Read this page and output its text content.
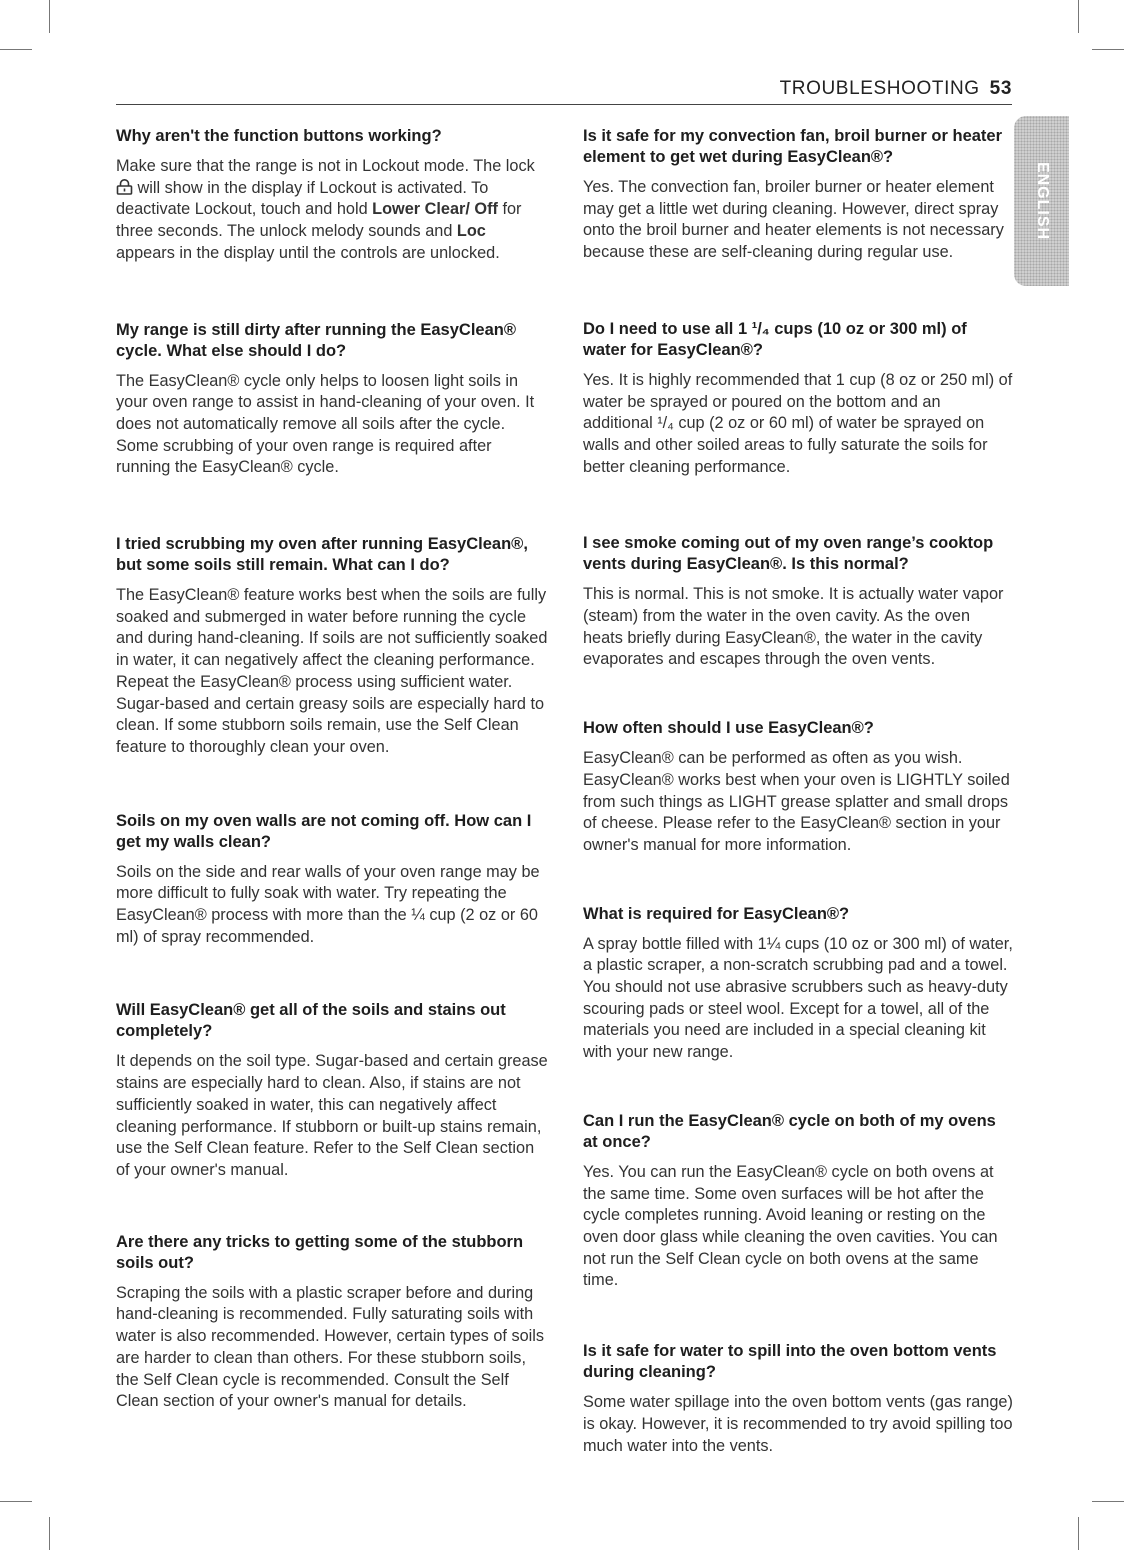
TROUBLESHOOTING 53
ENGLISH
Why aren't the function buttons working?

Make sure that the range is not in Lockout mode. The lock  will show in the display if Lockout is activated. To deactivate Lockout, touch and hold Lower Clear/ Off for three seconds. The unlock melody sounds and Loc appears in the display until the controls are unlocked.

My range is still dirty after running the EasyClean® cycle. What else should I do?

The EasyClean® cycle only helps to loosen light soils in your oven range to assist in hand-cleaning of your oven. It does not automatically remove all soils after the cycle. Some scrubbing of your oven range is required after running the EasyClean® cycle.

I tried scrubbing my oven after running EasyClean®, but some soils still remain. What can I do?

The EasyClean® feature works best when the soils are fully soaked and submerged in water before running the cycle and during hand-cleaning. If soils are not sufficiently soaked in water, it can negatively affect the cleaning performance. Repeat the EasyClean® process using sufficient water. Sugar-based and certain greasy soils are especially hard to clean. If some stubborn soils remain, use the Self Clean feature to thoroughly clean your oven.

Soils on my oven walls are not coming off. How can I get my walls clean?

Soils on the side and rear walls of your oven range may be more difficult to fully soak with water. Try repeating the EasyClean® process with more than the ¼ cup (2 oz or 60 ml) of spray recommended.

Will EasyClean® get all of the soils and stains out completely?

It depends on the soil type. Sugar-based and certain grease stains are especially hard to clean. Also, if stains are not sufficiently soaked in water, this can negatively affect cleaning performance. If stubborn or built-up stains remain, use the Self Clean feature. Refer to the Self Clean section of your owner's manual.

Are there any tricks to getting some of the stubborn soils out?

Scraping the soils with a plastic scraper before and during hand-cleaning is recommended. Fully saturating soils with water is also recommended. However, certain types of soils are harder to clean than others. For these stubborn soils, the Self Clean cycle is recommended. Consult the Self Clean section of your owner's manual for details.

Is it safe for my convection fan, broil burner or heater element to get wet during EasyClean®?

Yes. The convection fan, broiler burner or heater element may get a little wet during cleaning. However, direct spray onto the broil burner and heater elements is not necessary because these are self-cleaning during regular use.

Do I need to use all 1 ¹/₄ cups (10 oz or 300 ml) of water for EasyClean®?

Yes. It is highly recommended that 1 cup (8 oz or 250 ml) of water be sprayed or poured on the bottom and an additional ¹/₄ cup (2 oz or 60 ml) of water be sprayed on walls and other soiled areas to fully saturate the soils for better cleaning performance.

I see smoke coming out of my oven range’s cooktop vents during EasyClean®. Is this normal?

This is normal. This is not smoke. It is actually water vapor (steam) from the water in the oven cavity. As the oven heats briefly during EasyClean®, the water in the cavity evaporates and escapes through the oven vents.

How often should I use EasyClean®?

EasyClean® can be performed as often as you wish. EasyClean® works best when your oven is LIGHTLY soiled from such things as LIGHT grease splatter and small drops of cheese. Please refer to the EasyClean® section in your owner's manual for more information.

What is required for EasyClean®?

A spray bottle filled with 1¼ cups (10 oz or 300 ml) of water, a plastic scraper, a non-scratch scrubbing pad and a towel. You should not use abrasive scrubbers such as heavy-duty scouring pads or steel wool. Except for a towel, all of the materials you need are included in a special cleaning kit with your new range.

Can I run the EasyClean® cycle on both of my ovens at once?

Yes. You can run the EasyClean® cycle on both ovens at the same time. Some oven surfaces will be hot after the cycle completes running. Avoid leaning or resting on the oven door glass while cleaning the oven cavities. You can not run the Self Clean cycle on both ovens at the same time.

Is it safe for water to spill into the oven bottom vents during cleaning?

Some water spillage into the oven bottom vents (gas range) is okay. However, it is recommended to try avoid spilling too much water into the vents.
